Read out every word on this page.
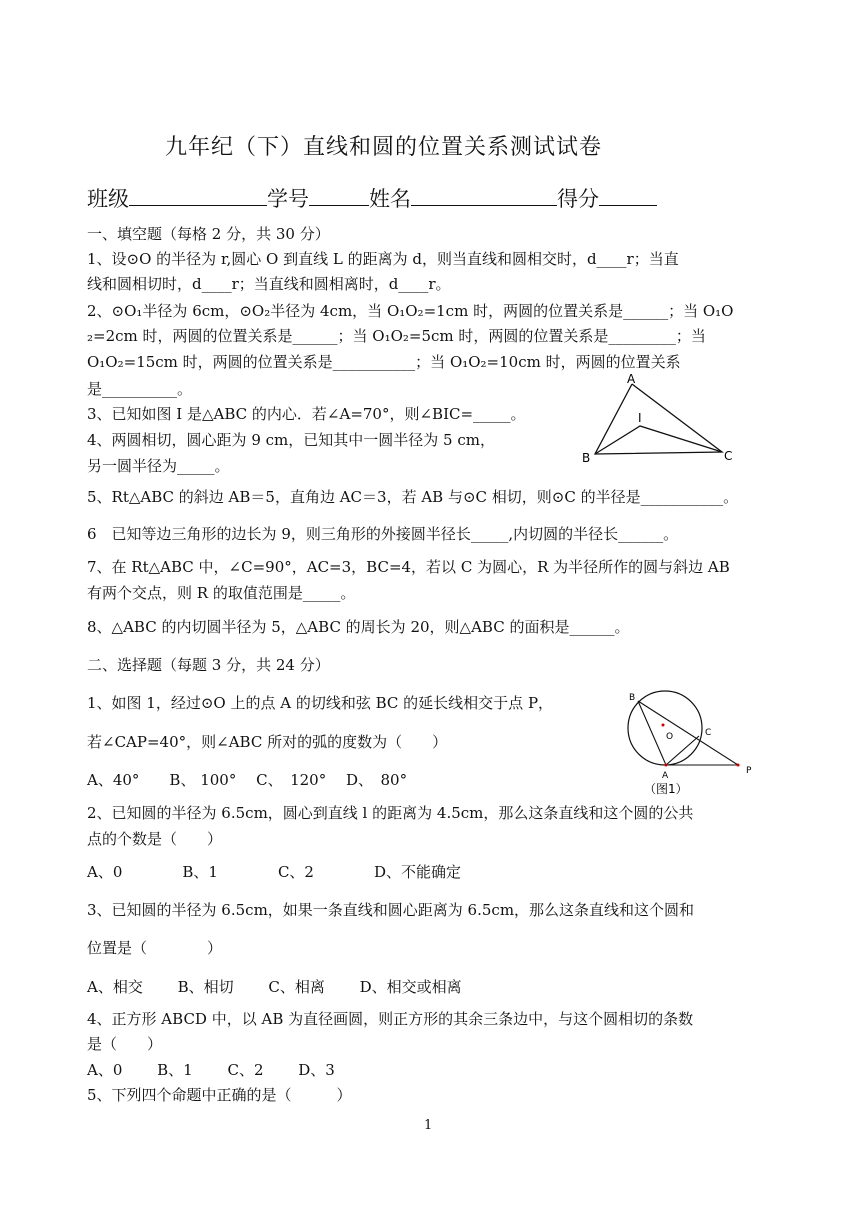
九年纪（下）直线和圆的位置关系测试试卷
班级	学号	姓名	得分
一、填空题（每格 2 分，共 30 分）
1、设⊙O 的半径为 r,圆心 O 到直线 L 的距离为 d，则当直线和圆相交时，d____r；当直
线和圆相切时，d____r；当直线和圆相离时，d____r。
2、⊙O₁半径为 6cm，⊙O₂半径为 4cm，当 O₁O₂=1cm 时，两圆的位置关系是______；当 O₁O
₂=2cm 时，两圆的位置关系是______；当 O₁O₂=5cm 时，两圆的位置关系是_________；当
O₁O₂=15cm 时，两圆的位置关系是___________；当 O₁O₂=10cm 时，两圆的位置关系
是__________。
3、已知如图 I 是△ABC 的内心．若∠A=70°，则∠BIC=_____。
4、两圆相切，圆心距为 9 cm，已知其中一圆半径为 5 cm，
另一圆半径为_____。
5、Rt△ABC 的斜边 AB＝5，直角边 AC＝3，若 AB 与⊙C 相切，则⊙C 的半径是___________。
6　已知等边三角形的边长为 9，则三角形的外接圆半径长_____,内切圆的半径长______。
7、在 Rt△ABC 中，∠C=90°，AC=3，BC=4，若以 C 为圆心，R 为半径所作的圆与斜边 AB
有两个交点，则 R 的取值范围是_____。
8、△ABC 的内切圆半径为 5，△ABC 的周长为 20，则△ABC 的面积是______。
二、选择题（每题 3 分，共 24 分）
1、如图 1，经过⊙O 上的点 A 的切线和弦 BC 的延长线相交于点 P，
若∠CAP=40°，则∠ABC 所对的弧的度数为（　　）
A、40°　　B、 100°　 C、　120°　 D、　80°
2、已知圆的半径为 6.5cm，圆心到直线 l 的距离为 4.5cm，那么这条直线和这个圆的公共
点的个数是（　　）
A、0　　　　B、1　　　　C、2　　　　D、不能确定
3、已知圆的半径为 6.5cm，如果一条直线和圆心距离为 6.5cm，那么这条直线和这个圆和
位置是（　　　　）
A、相交　　 B、相切　　 C、相离　　 D、相交或相离
4、正方形 ABCD 中，以 AB 为直径画圆，则正方形的其余三条边中，与这个圆相切的条数
是（　　）
A、0　　 B、1　　 C、2　　 D、3
5、下列四个命题中正确的是（　　　）
A
B	C
I
B
O	C
A	P
（图1）
1
